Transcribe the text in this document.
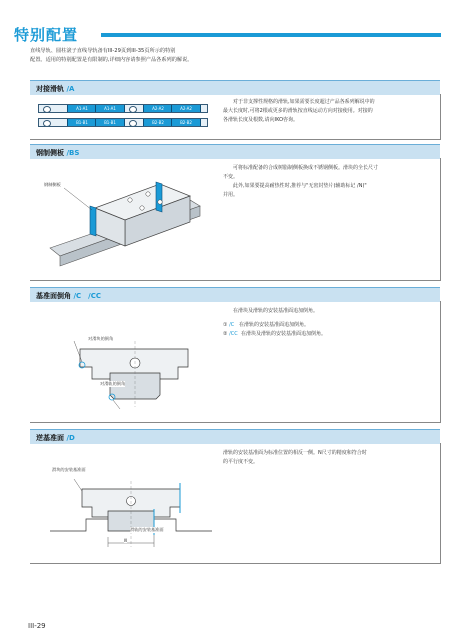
特别配置
直线导轨、圆柱滚子直线导轨备有III-29页到III-35页所示的特别
配置。适用的特别配置是有限制的,详细内容请参照产品各系列的解说。
对接滑轨 /A
A1·A1	A1·A1	A2·A2	A2·A2
B1·B1	B1·B1	B2·B2	B2·B2
对于非支撑性规格的滑轨,如果需要长度超过产品各系列解说中的
最大长度时,可将2根或更多的滑轨按直线运动方向对接使用。对接的
各滑轨长度及根数,请向IKO咨询。
钢制侧板 /BS
钢制侧板
可将标准配备的合成树脂制侧板换成不锈钢侧板。滑块的全长尺寸
不变。
此外,如果要提高耐热性时,推荐与"无密封垫片(辅助标记 /N)"
并用。
基准面倒角 /C　/CC
对滑块的倒角
对滑轨的倒角
在滑块及滑轨的安装基准面追加倒角。
① /C 在滑轨的安装基准面追加倒角。
② /CC 在滑块及滑轨的安装基准面追加倒角。
逆基准面 /D
滑块的安装基准面
滑轨的安装基准面
N
滑轨的安装基准面为标准位置的相反一侧。N尺寸的精度和符合时
的平行度不变。
III-29
